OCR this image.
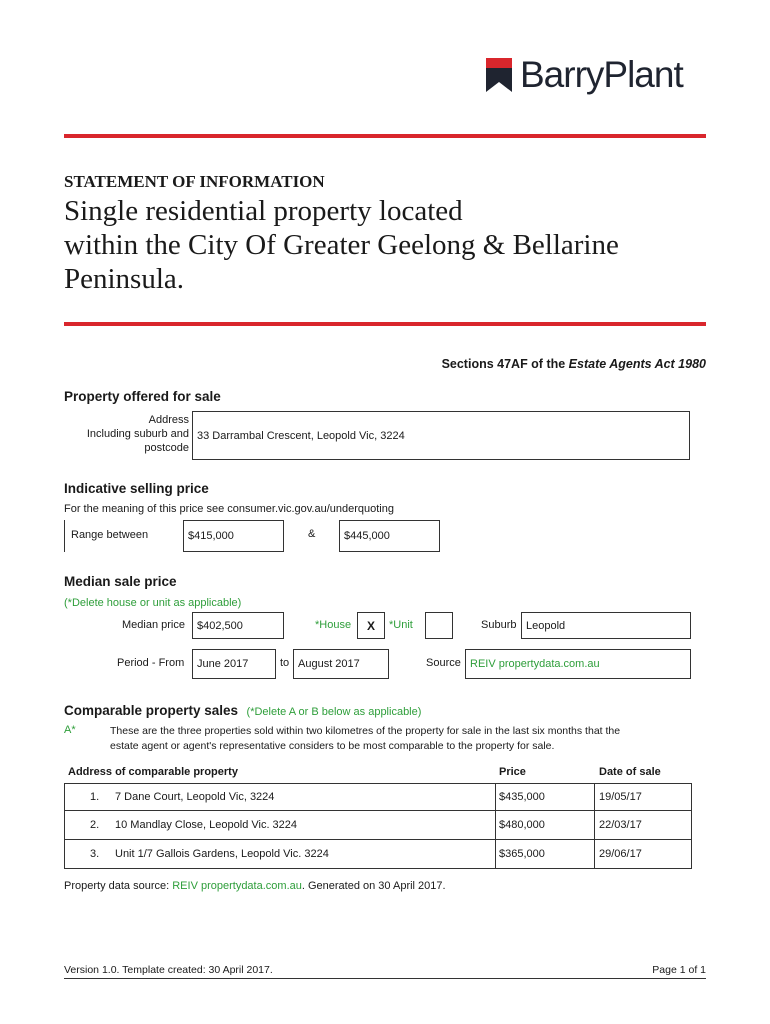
BarryPlant
STATEMENT OF INFORMATION
Single residential property located
within the City Of Greater Geelong & Bellarine
Peninsula.
Sections 47AF of the Estate Agents Act 1980
Property offered for sale
Address
Including suburb and
postcode
33 Darrambal Crescent, Leopold Vic, 3224
Indicative selling price
For the meaning of this price see consumer.vic.gov.au/underquoting
Range between	$415,000	&	$445,000
Median sale price
(*Delete house or unit as applicable)
Median price	$402,500	*House	X	*Unit	Suburb Leopold
Period - From	June 2017	to August 2017	Source REIV propertydata.com.au
Comparable property sales (*Delete A or B below as applicable)
A*	These are the three properties sold within two kilometres of the property for sale in the last six months that the
estate agent or agent's representative considers to be most comparable to the property for sale.
Address of comparable property	Price	Date of sale
1. 7 Dane Court, Leopold Vic, 3224	$435,000	19/05/17
2. 10 Mandlay Close, Leopold Vic. 3224	$480,000	22/03/17
3. Unit 1/7 Gallois Gardens, Leopold Vic. 3224	$365,000	29/06/17
Property data source: REIV propertydata.com.au. Generated on 30 April 2017.
Version 1.0. Template created: 30 April 2017.	Page 1 of 1
